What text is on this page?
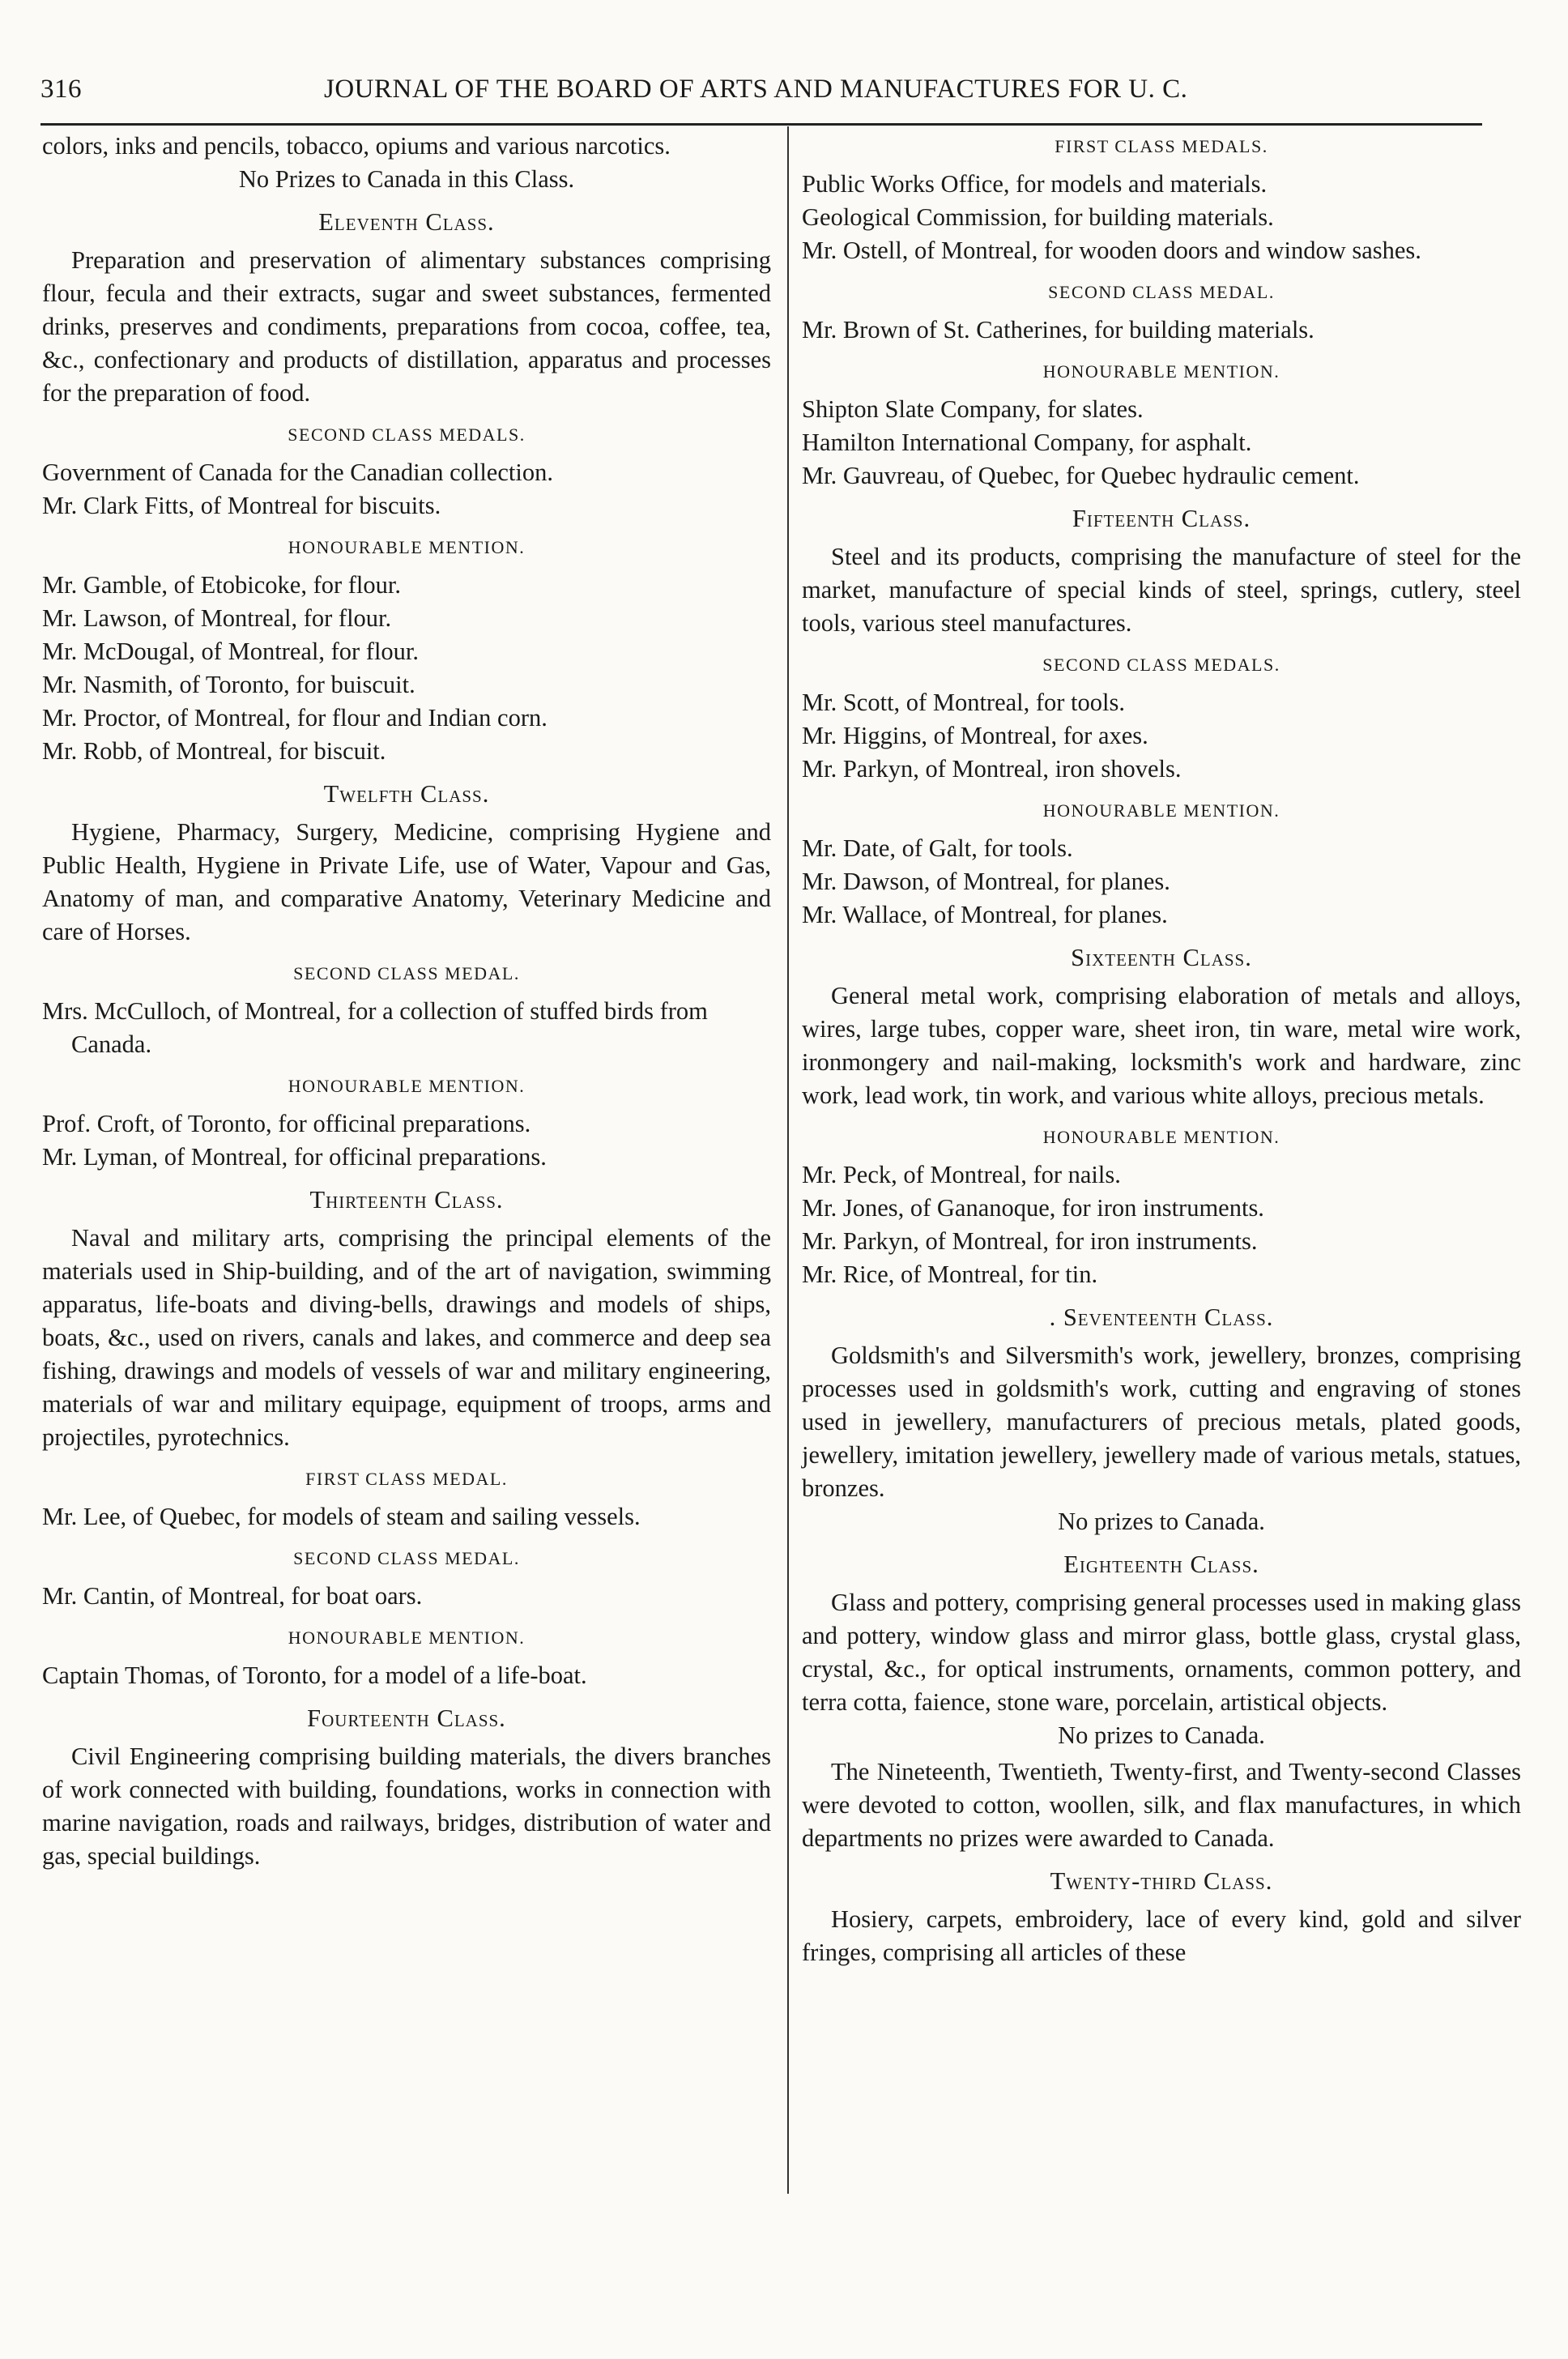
316	JOURNAL OF THE BOARD OF ARTS AND MANUFACTURES FOR U. C.

colors, inks and pencils, tobacco, opiums and various narcotics.

No Prizes to Canada in this Class.

Eleventh Class.

Preparation and preservation of alimentary substances comprising flour, fecula and their extracts, sugar and sweet substances, fermented drinks, preserves and condiments, preparations from cocoa, coffee, tea, &c., confectionary and products of distillation, apparatus and processes for the preparation of food.

SECOND CLASS MEDALS.

Government of Canada for the Canadian collection.

Mr. Clark Fitts, of Montreal for biscuits.

HONOURABLE MENTION.

Mr. Gamble, of Etobicoke, for flour.

Mr. Lawson, of Montreal, for flour.

Mr. McDougal, of Montreal, for flour.

Mr. Nasmith, of Toronto, for buiscuit.

Mr. Proctor, of Montreal, for flour and Indian corn.

Mr. Robb, of Montreal, for biscuit.

Twelfth Class.

Hygiene, Pharmacy, Surgery, Medicine, comprising Hygiene and Public Health, Hygiene in Private Life, use of Water, Vapour and Gas, Anatomy of man, and comparative Anatomy, Veterinary Medicine and care of Horses.

SECOND CLASS MEDAL.

Mrs. McCulloch, of Montreal, for a collection of stuffed birds from Canada.

HONOURABLE MENTION.

Prof. Croft, of Toronto, for officinal preparations.

Mr. Lyman, of Montreal, for officinal preparations.

Thirteenth Class.

Naval and military arts, comprising the principal elements of the materials used in Ship-building, and of the art of navigation, swimming apparatus, life-boats and diving-bells, drawings and models of ships, boats, &c., used on rivers, canals and lakes, and commerce and deep sea fishing, drawings and models of vessels of war and military engineering, materials of war and military equipage, equipment of troops, arms and projectiles, pyrotechnics.

FIRST CLASS MEDAL.

Mr. Lee, of Quebec, for models of steam and sailing vessels.

SECOND CLASS MEDAL.

Mr. Cantin, of Montreal, for boat oars.

HONOURABLE MENTION.

Captain Thomas, of Toronto, for a model of a life-boat.

Fourteenth Class.

Civil Engineering comprising building materials, the divers branches of work connected with building, foundations, works in connection with marine navigation, roads and railways, bridges, distribution of water and gas, special buildings.

FIRST CLASS MEDALS.

Public Works Office, for models and materials.

Geological Commission, for building materials.

Mr. Ostell, of Montreal, for wooden doors and window sashes.

SECOND CLASS MEDAL.

Mr. Brown of St. Catherines, for building materials.

HONOURABLE MENTION.

Shipton Slate Company, for slates.

Hamilton International Company, for asphalt.

Mr. Gauvreau, of Quebec, for Quebec hydraulic cement.

Fifteenth Class.

Steel and its products, comprising the manufacture of steel for the market, manufacture of special kinds of steel, springs, cutlery, steel tools, various steel manufactures.

SECOND CLASS MEDALS.

Mr. Scott, of Montreal, for tools.

Mr. Higgins, of Montreal, for axes.

Mr. Parkyn, of Montreal, iron shovels.

HONOURABLE MENTION.

Mr. Date, of Galt, for tools.

Mr. Dawson, of Montreal, for planes.

Mr. Wallace, of Montreal, for planes.

Sixteenth Class.

General metal work, comprising elaboration of metals and alloys, wires, large tubes, copper ware, sheet iron, tin ware, metal wire work, ironmongery and nail-making, locksmith's work and hardware, zinc work, lead work, tin work, and various white alloys, precious metals.

HONOURABLE MENTION.

Mr. Peck, of Montreal, for nails.

Mr. Jones, of Gananoque, for iron instruments.

Mr. Parkyn, of Montreal, for iron instruments.

Mr. Rice, of Montreal, for tin.

. Seventeenth Class.

Goldsmith's and Silversmith's work, jewellery, bronzes, comprising processes used in goldsmith's work, cutting and engraving of stones used in jewellery, manufacturers of precious metals, plated goods, jewellery, imitation jewellery, jewellery made of various metals, statues, bronzes.

No prizes to Canada.

Eighteenth Class.

Glass and pottery, comprising general processes used in making glass and pottery, window glass and mirror glass, bottle glass, crystal glass, crystal, &c., for optical instruments, ornaments, common pottery, and terra cotta, faience, stone ware, porcelain, artistical objects.

No prizes to Canada.

The Nineteenth, Twentieth, Twenty-first, and Twenty-second Classes were devoted to cotton, woollen, silk, and flax manufactures, in which departments no prizes were awarded to Canada.

Twenty-third Class.

Hosiery, carpets, embroidery, lace of every kind, gold and silver fringes, comprising all articles of these
